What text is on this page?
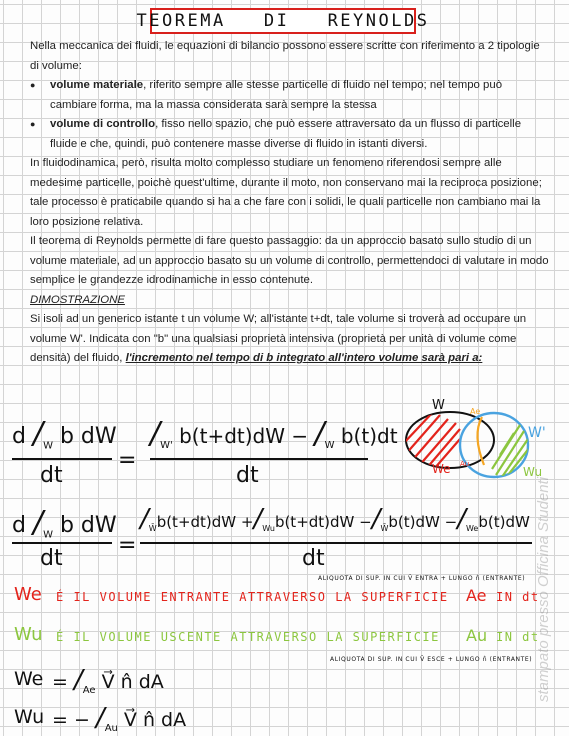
TEOREMA   DI   REYNOLDS

Nella meccanica dei fluidi, le equazioni di bilancio possono essere scritte con riferimento a 2 tipologie di volume:

● volume materiale, riferito sempre alle stesse particelle di fluido nel tempo; nel tempo può cambiare forma, ma la massa considerata sarà sempre la stessa

● volume di controllo, fisso nello spazio, che può essere attraversato da un flusso di particelle fluide e che, quindi, può contenere masse diverse di fluido in istanti diversi.

In fluidodinamica, però, risulta molto complesso studiare un fenomeno riferendosi sempre alle medesime particelle, poichè quest'ultime, durante il moto, non conservano mai la reciproca posizione; tale processo è praticabile quando si ha a che fare con i solidi, le quali particelle non cambiano mai la loro posizione relativa.

Il teorema di Reynolds permette di fare questo passaggio: da un approccio basato sullo studio di un volume materiale, ad un approccio basato su un volume di controllo, permettendoci di valutare in modo semplice le grandezze idrodinamiche in esso contenute.

DIMOSTRAZIONE

Si isoli ad un generico istante t un volume W; all'istante t+dt, tale volume si troverà ad occupare un volume W'. Indicata con "b" una qualsiasi proprietà intensiva (proprietà per unità di volume come densità) del fluido, l'incremento nel tempo di b integrato all'intero volume sarà pari a:

d $/_W$ b dW
dt
=
$/_{W'}$ $b(t+dt)dW - /_W$ b(t)dt
dt
W	Ae
W'
We Au
Wu
d $/_W$ b dW
dt
=
$/_{W̄}b(t+dt)dW +/_{Wu}b(t+dt)dW -/_{W̄}b(t)dW -/_{We}b(t)dW$
dt
ALIQUOTA DI SUP. IN CUI V̄ ENTRA + LUNGO n̂ (ENTRANTE)
We É IL VOLUME ENTRANTE ATTRAVERSO LA SUPERFICIE Ae IN dt
Wu É IL VOLUME USCENTE ATTRAVERSO LA SUPERFICIE Au IN dt
ALIQUOTA DI SUP. IN CUI V̄ ESCE + LUNGO n̂ (ENTRANTE)
$We = /_{Ae}$ V⃗ n̂ dA
Wu = − $/_{Au}$ V⃗ n̂ dA
stampato presso Officina Studenti
